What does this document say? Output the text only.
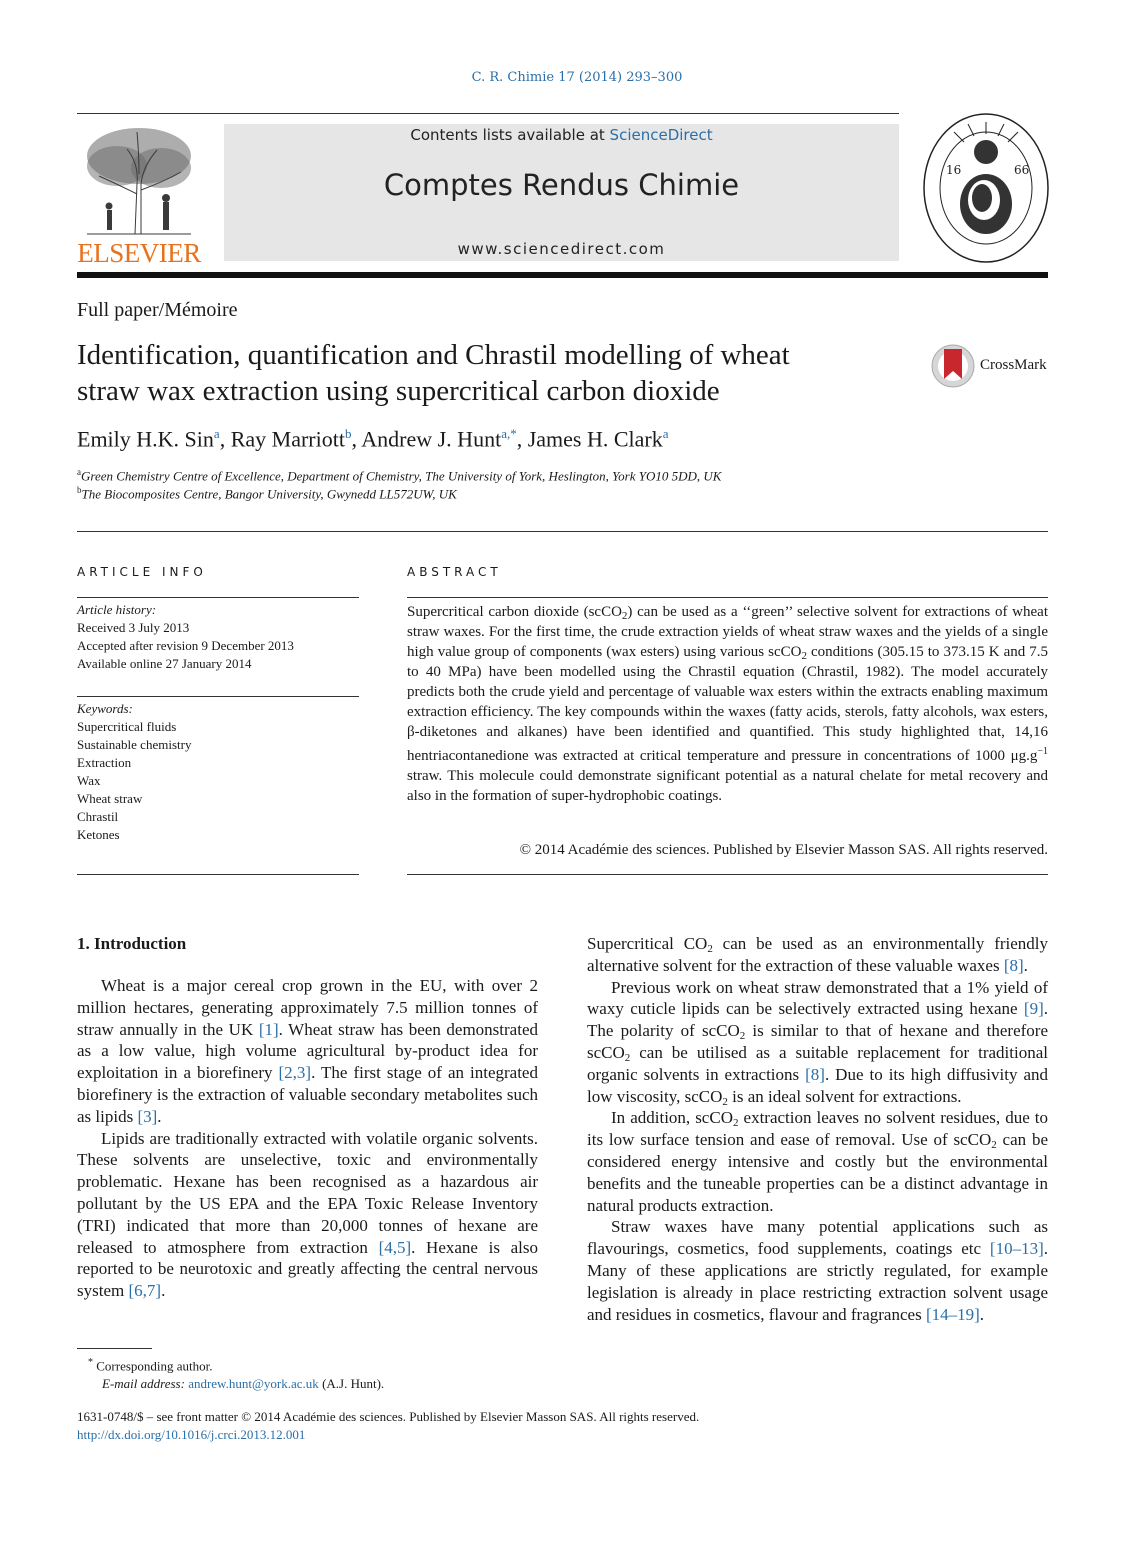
C. R. Chimie 17 (2014) 293–300
ELSEVIER
Contents lists available at ScienceDirect
Comptes Rendus Chimie
www.sciencedirect.com
16	66
Full paper/Mémoire
Identification, quantification and Chrastil modelling of wheat
straw wax extraction using supercritical carbon dioxide
CrossMark
Emily H.K. Sin$^a$, Ray Marriott$^b$, Andrew J. Hunt$^{a,*}$, James H. Clark$^a$
$^a$Green Chemistry Centre of Excellence, Department of Chemistry, The University of York, Heslington, York YO10 5DD, UK
$^b$The Biocomposites Centre, Bangor University, Gwynedd LL572UW, UK
ARTICLE INFO
Article history:
Received 3 July 2013
Accepted after revision 9 December 2013
Available online 27 January 2014
Keywords:
Supercritical fluids
Sustainable chemistry
Extraction
Wax
Wheat straw
Chrastil
Ketones
ABSTRACT
Supercritical carbon dioxide (scCO$_2$) can be used as a ‘‘green’’ selective solvent for extractions of wheat straw waxes. For the first time, the crude extraction yields of wheat straw waxes and the yields of a single high value group of components (wax esters) using various scCO$_2$ conditions (305.15 to 373.15 K and 7.5 to 40 MPa) have been modelled using the Chrastil equation (Chrastil, 1982). The model accurately predicts both the crude yield and percentage of valuable wax esters within the extracts enabling maximum extraction efficiency. The key compounds within the waxes (fatty acids, sterols, fatty alcohols, wax esters, β-diketones and alkanes) have been identified and quantified. This study highlighted that, 14,16 hentriacontanedione was extracted at critical temperature and pressure in concentrations of 1000 $\mu g.g^{-1}$ straw. This molecule could demonstrate significant potential as a natural chelate for metal recovery and also in the formation of super-hydrophobic coatings.
© 2014 Académie des sciences. Published by Elsevier Masson SAS. All rights reserved.
1. Introduction

Wheat is a major cereal crop grown in the EU, with over 2 million hectares, generating approximately 7.5 million tonnes of straw annually in the UK [1]. Wheat straw has been demonstrated as a low value, high volume agricultural by-product idea for exploitation in a biorefinery [2,3]. The first stage of an integrated biorefinery is the extraction of valuable secondary metabolites such as lipids [3].

Lipids are traditionally extracted with volatile organic solvents. These solvents are unselective, toxic and environmentally problematic. Hexane has been recognised as a hazardous air pollutant by the US EPA and the EPA Toxic Release Inventory (TRI) indicated that more than 20,000 tonnes of hexane are released to atmosphere from extraction [4,5]. Hexane is also reported to be neurotoxic and greatly affecting the central nervous system [6,7].

Supercritical $CO_2$ can be used as an environmentally friendly alternative solvent for the extraction of these valuable waxes [8].

Previous work on wheat straw demonstrated that a 1% yield of waxy cuticle lipids can be selectively extracted using hexane [9]. The polarity of scCO$_2$ is similar to that of hexane and therefore scCO$_2$ can be utilised as a suitable replacement for traditional organic solvents in extractions [8]. Due to its high diffusivity and low viscosity, scCO$_2$ is an ideal solvent for extractions.

In addition, scCO$_2$ extraction leaves no solvent residues, due to its low surface tension and ease of removal. Use of scCO$_2$ can be considered energy intensive and costly but the environmental benefits and the tuneable properties can be a distinct advantage in natural products extraction.

Straw waxes have many potential applications such as flavourings, cosmetics, food supplements, coatings etc [10–13]. Many of these applications are strictly regulated, for example legislation is already in place restricting extraction solvent usage and residues in cosmetics, flavour and fragrances [14–19].

* Corresponding author.
E-mail address: andrew.hunt@york.ac.uk (A.J. Hunt).
1631-0748/$ – see front matter © 2014 Académie des sciences. Published by Elsevier Masson SAS. All rights reserved.
http://dx.doi.org/10.1016/j.crci.2013.12.001
